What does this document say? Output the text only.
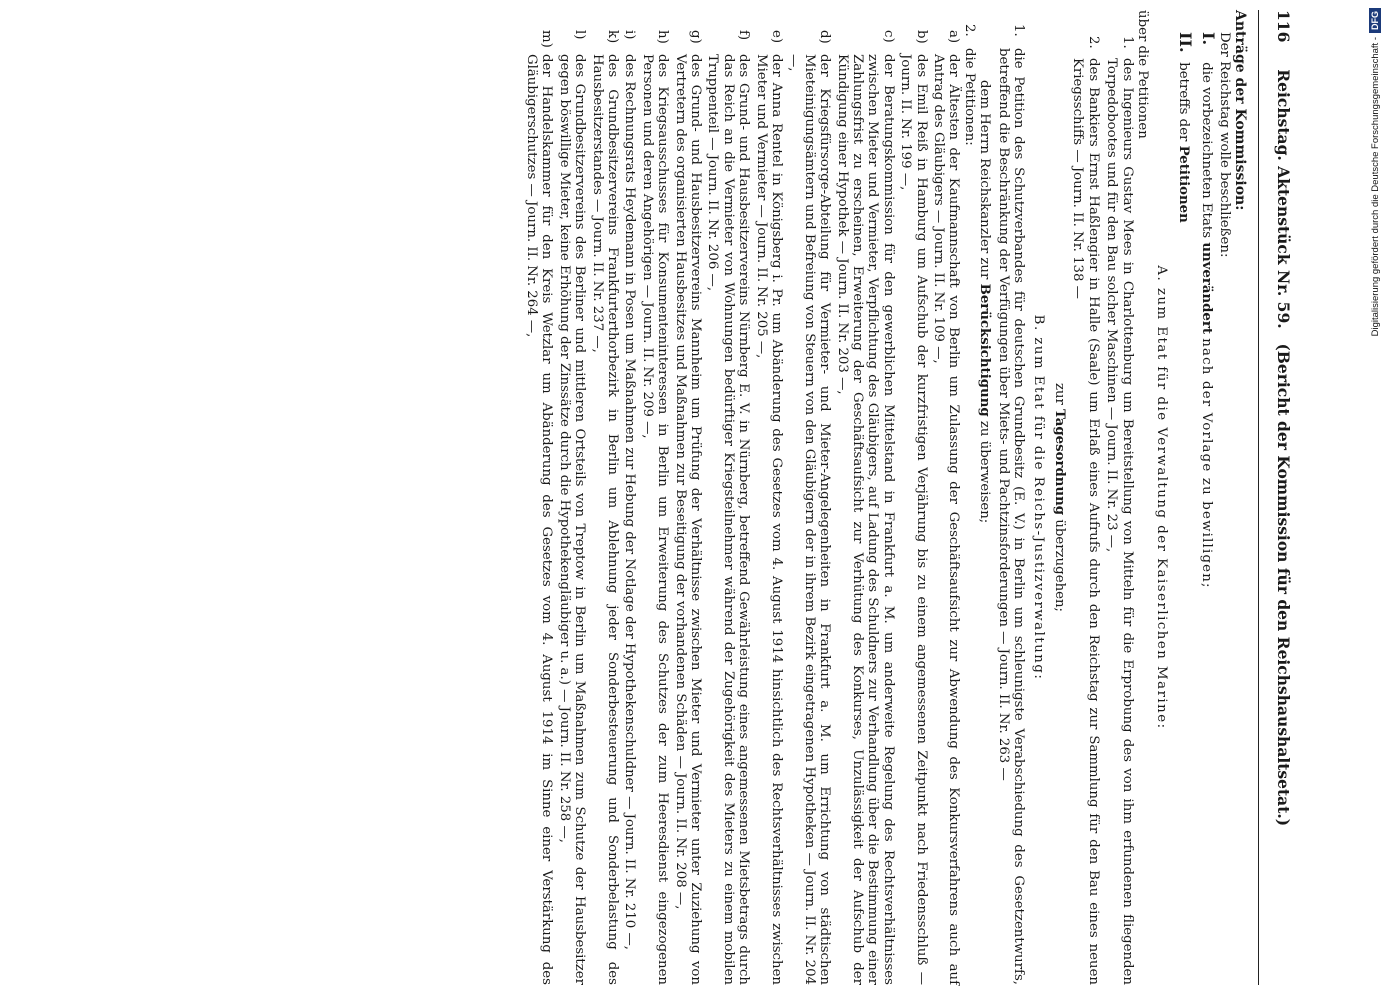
116 Reichstag. Aktenstück Nr. 59.   (Bericht der Kommission für den Reichshaushaltsetat.)

Anträge der Kommission:

Der Reichstag wolle beschließen:

I. die vorbezeichneten Etats unverändert nach der Vorlage zu bewilligen;

II. betreffs der Petitionen

A. zum Etat für die Verwaltung der Kaiserlichen Marine:

über die Petitionen

1.
des Ingenieurs Gustav Mees in Charlottenburg um Bereitstellung von Mitteln für die Erprobung des von ihm erfundenen fliegenden Torpedobootes und für den Bau solcher Maschinen — Journ. II. Nr. 23 —,
2.
des Bankiers Ernst Haßlengier in Halle (Saale) um Erlaß eines Aufrufs durch den Reichstag zur Sammlung für den Bau eines neuen Kriegsschiffs — Journ. II. Nr. 138 —

zur Tagesordnung überzugehen;

B. zum Etat für die Reichs-Justizverwaltung:

1.
die Petition des Schutzverbandes für deutschen Grundbesitz (E. V.) in Berlin um schleunigste Verabschiedung des Gesetzentwurfs, betreffend die Beschränkung der Verfügungen über Miets- und Pachtzinsforderungen — Journ. II. Nr. 263 —

dem Herrn Reichskanzler zur Berücksichtigung zu überweisen;

2.
die Petitionen:
a)
der Ältesten der Kaufmannschaft von Berlin um Zulassung der Geschäftsaufsicht zur Abwendung des Konkursverfahrens auch auf Antrag des Gläubigers — Journ. II. Nr. 109 —,
b)
des Emil Reiß in Hamburg um Aufschub der kurzfristigen Verjährung bis zu einem angemessenen Zeitpunkt nach Friedensschluß — Journ. II. Nr. 199 —,
c)
der Beratungskommission für den gewerblichen Mittelstand in Frankfurt a. M. um anderweite Regelung des Rechtsverhältnisses zwischen Mieter und Vermieter, Verpflichtung des Gläubigers, auf Ladung des Schuldners zur Verhandlung über die Bestimmung einer Zahlungsfrist zu erscheinen, Erweiterung der Geschäftsaufsicht zur Verhütung des Konkurses, Unzulässigkeit der Aufschub der Kündigung einer Hypothek — Journ. II. Nr. 203 —,
d)
der Kriegsfürsorge-Abteilung für Vermieter- und Mieter-Angelegenheiten in Frankfurt a. M. um Errichtung von städtischen Mieteinigungsämtern und Befreiung von Steuern von den Gläubigern der in ihrem Bezirk eingetragenen Hypotheken — Journ. II. Nr. 204 —,
e)
der Anna Rentel in Königsberg i. Pr. um Abänderung des Gesetzes vom 4. August 1914 hinsichtlich des Rechtsverhältnisses zwischen Mieter und Vermieter — Journ. II. Nr. 205 —,
f)
des Grund- und Hausbesitzervereins Nürnberg E. V. in Nürnberg, betreffend Gewährleistung eines angemessenen Mietsbetrags durch das Reich an die Vermieter von Wohnungen bedürftiger Kriegsteilnehmer während der Zugehörigkeit des Mieters zu einem mobilen Truppenteil — Journ. II. Nr. 206 —,
g)
des Grund- und Hausbesitzervereins Mannheim um Prüfung der Verhältnisse zwischen Mieter und Vermieter unter Zuziehung von Vertretern des organisierten Hausbesitzes und Maßnahmen zur Beseitigung der vorhandenen Schäden — Journ. II. Nr. 208 —,
h)
des Kriegsausschusses für Konsumenteninteressen in Berlin um Erweiterung des Schutzes der zum Heeresdienst eingezogenen Personen und deren Angehörigen — Journ. II. Nr. 209 —,
i)
des Rechnungsrats Heydemann in Posen um Maßnahmen zur Hebung der Notlage der Hypothekenschuldner — Journ. II. Nr. 210 —,
k)
des Grundbesitzervereins Frankfurterthorbezirk in Berlin um Ablehnung jeder Sonderbesteuerung und Sonderbelastung des Hausbesitzerstandes — Journ. II. Nr. 237 —,
l)
des Grundbesitzervereins des Berliner und mittleren Ortsteils von Treptow in Berlin um Maßnahmen zum Schutze der Hausbesitzer gegen böswillige Mieter, keine Erhöhung der Zinssätze durch die Hypothekengläubiger u. a.) — Journ. II. Nr. 258 —,
m)
der Handelskammer für den Kreis Wetzlar um Abänderung des Gesetzes vom 4. August 1914 im Sinne einer Verstärkung des Gläubigerschutzes — Journ. II. Nr. 264 —,	Digitalisierung gefördert durch die Deutsche Forschungsgemeinschaft -DFG
